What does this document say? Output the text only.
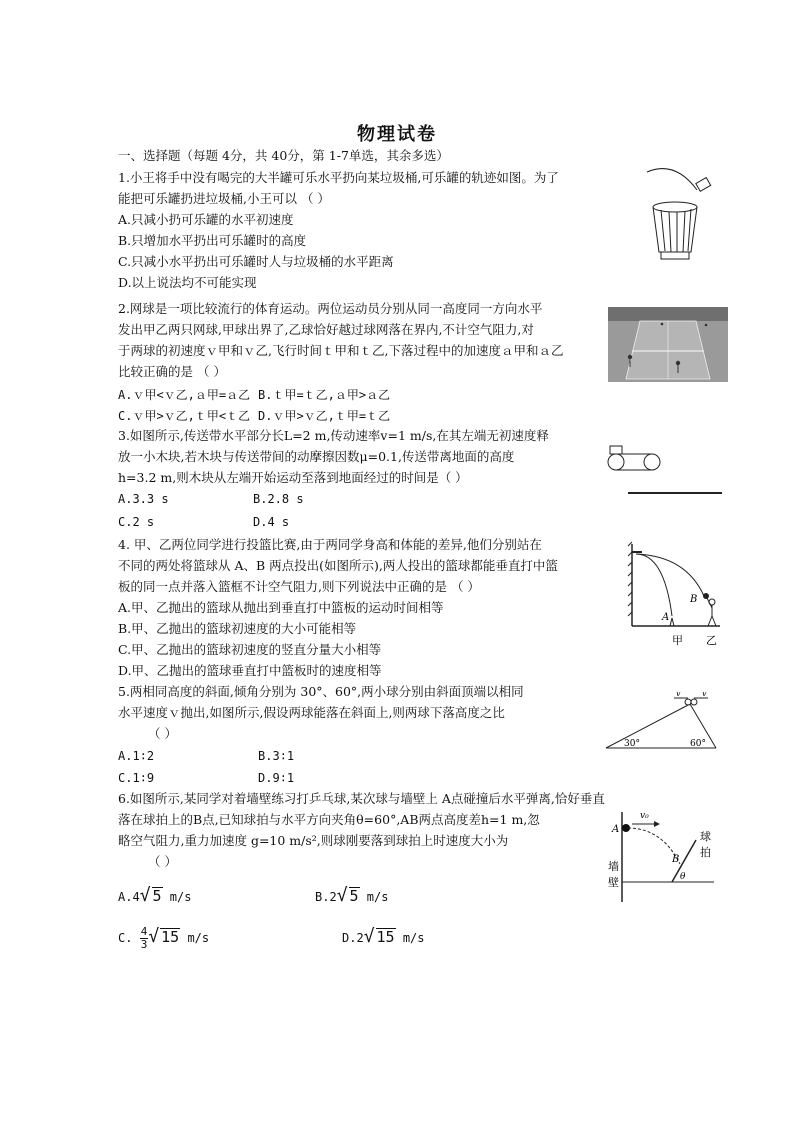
物理试卷
一、选择题（每题 4分，共 40分，第 1-7单选，其余多选）
1.小王将手中没有喝完的大半罐可乐水平扔向某垃圾桶,可乐罐的轨迹如图。为了
能把可乐罐扔进垃圾桶,小王可以 （ ）
A.只减小扔可乐罐的水平初速度
B.只增加水平扔出可乐罐时的高度
C.只减小水平扔出可乐罐时人与垃圾桶的水平距离
D.以上说法均不可能实现
2.网球是一项比较流行的体育运动。两位运动员分别从同一高度同一方向水平
发出甲乙两只网球,甲球出界了,乙球恰好越过球网落在界内,不计空气阻力,对
于两球的初速度ｖ甲和ｖ乙,飞行时间ｔ甲和ｔ乙,下落过程中的加速度ａ甲和ａ乙
比较正确的是 （ ）
A.ｖ甲<ｖ乙,ａ甲=ａ乙 B.ｔ甲=ｔ乙,ａ甲>ａ乙
C.ｖ甲>ｖ乙,ｔ甲<ｔ乙 D.ｖ甲>ｖ乙,ｔ甲=ｔ乙
3.如图所示,传送带水平部分长L=2 m,传动速率v=1 m/s,在其左端无初速度释
放一小木块,若木块与传送带间的动摩擦因数μ=0.1,传送带离地面的高度
h=3.2 m,则木块从左端开始运动至落到地面经过的时间是（ ）
A.3.3 s	B.2.8 s
C.2 s	D.4 s
4. 甲、乙两位同学进行投篮比赛,由于两同学身高和体能的差异,他们分别站在
不同的两处将篮球从 A、B 两点投出(如图所示),两人投出的篮球都能垂直打中篮
板的同一点并落入篮框不计空气阻力,则下列说法中正确的是 （ ）
A.甲、乙抛出的篮球从抛出到垂直打中篮板的运动时间相等
B.甲、乙抛出的篮球初速度的大小可能相等
C.甲、乙抛出的篮球初速度的竖直分量大小相等
D.甲、乙抛出的篮球垂直打中篮板时的速度相等
A
B
甲 乙
5.两相同高度的斜面,倾角分别为 30°、60°,两小球分别由斜面顶端以相同
水平速度ｖ抛出,如图所示,假设两球能落在斜面上,则两球下落高度之比
（ ）
A.1∶2	B.3∶1
C.1∶9	D.9∶1
v	v
30°	60°
6.如图所示,某同学对着墙壁练习打乒乓球,某次球与墙壁上 A点碰撞后水平弹离,恰好垂直
落在球拍上的B点,已知球拍与水平方向夹角θ=60°,AB两点高度差h=1 m,忽
略空气阻力,重力加速度 g=10 m/s²,则球刚要落到球拍上时速度大小为
（ ）
A.4√ 5 m/s	B.2√ 5 m/s
C. $\frac{4}{3}$ √ 15 m/s	D.2√ 15 m/s
v₀
A
B
θ
墙
壁
球
拍
